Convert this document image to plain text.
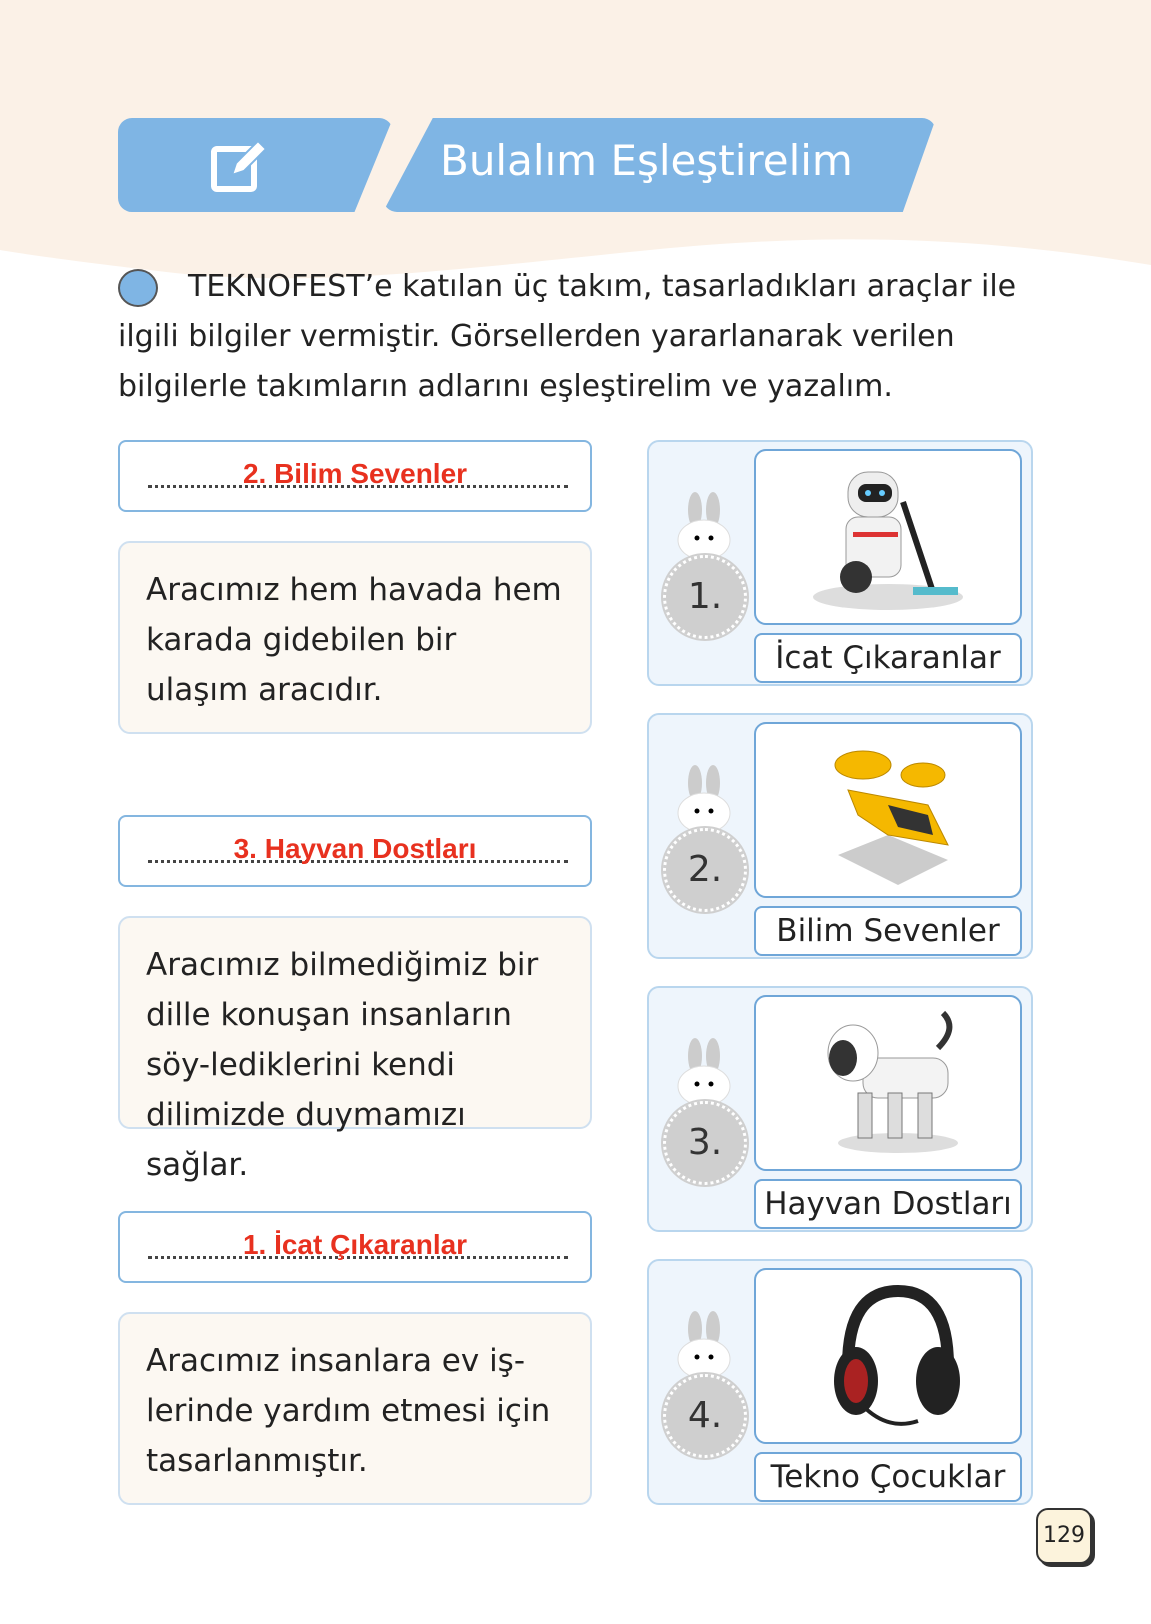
Bulalım Eşleştirelim
TEKNOFEST’e katılan üç takım, tasarladıkları araçlar ile ilgili bilgiler vermiştir. Görsellerden yararlanarak verilen bilgilerle takımların adlarını eşleştirelim ve yazalım.
2. Bilim Sevenler
Aracımız hem havada hem karada gidebilen bir ulaşım aracıdır.
3. Hayvan Dostları
Aracımız bilmediğimiz bir dille konuşan insanların söy-lediklerini kendi dilimizde duymamızı sağlar.
1. İcat Çıkaranlar
Aracımız insanlara ev iş-lerinde yardım etmesi için tasarlanmıştır.
1.
İcat Çıkaranlar
2.
Bilim Sevenler
3.
Hayvan Dostları
4.
Tekno Çocuklar
129
